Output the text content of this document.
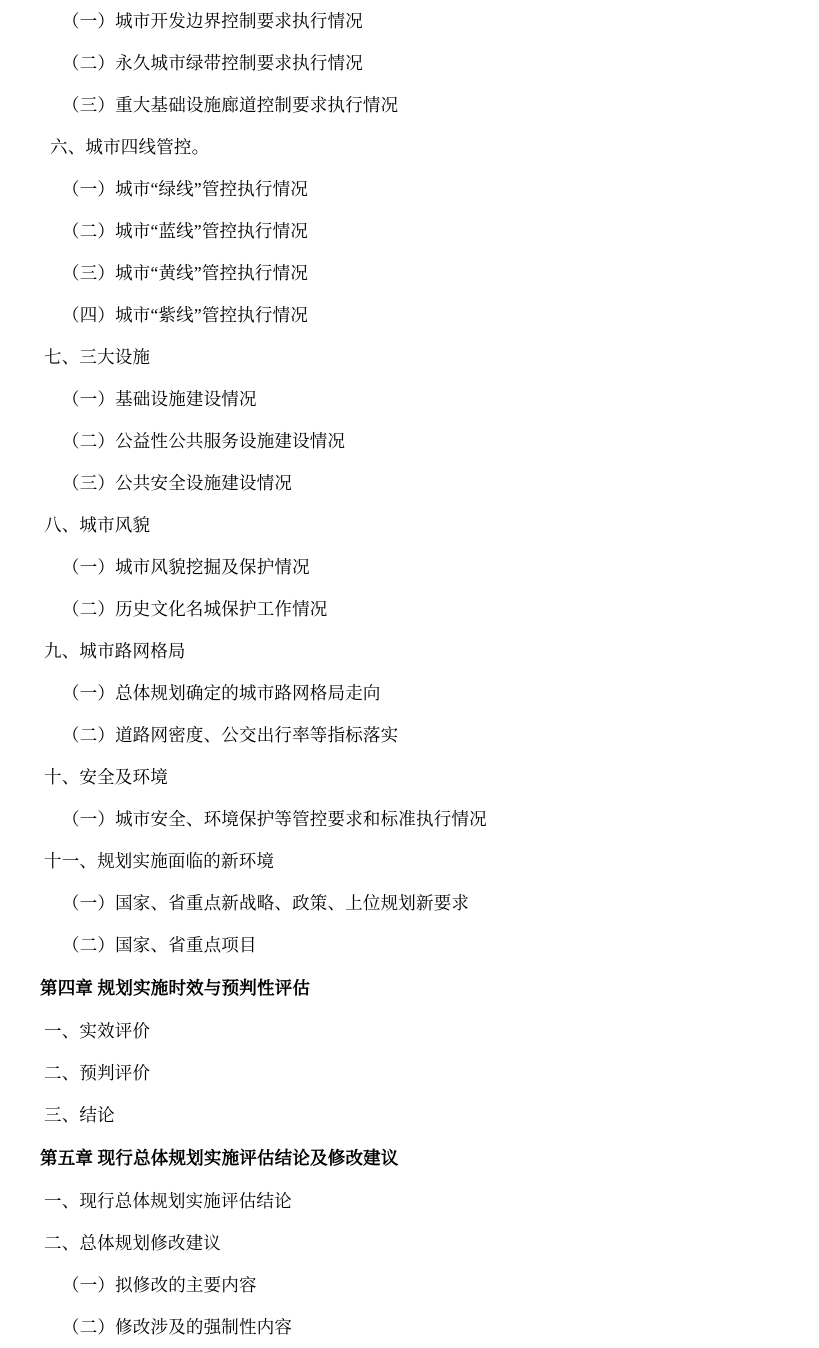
（一）城市开发边界控制要求执行情况
（二）永久城市绿带控制要求执行情况
（三）重大基础设施廊道控制要求执行情况
六、城市四线管控。
（一）城市“绿线”管控执行情况
（二）城市“蓝线”管控执行情况
（三）城市“黄线”管控执行情况
（四）城市“紫线”管控执行情况
七、三大设施
（一）基础设施建设情况
（二）公益性公共服务设施建设情况
（三）公共安全设施建设情况
八、城市风貌
（一）城市风貌挖掘及保护情况
（二）历史文化名城保护工作情况
九、城市路网格局
（一）总体规划确定的城市路网格局走向
（二）道路网密度、公交出行率等指标落实
十、安全及环境
（一）城市安全、环境保护等管控要求和标准执行情况
十一、规划实施面临的新环境
（一）国家、省重点新战略、政策、上位规划新要求
（二）国家、省重点项目
第四章 规划实施时效与预判性评估
一、实效评价
二、预判评价
三、结论
第五章 现行总体规划实施评估结论及修改建议
一、现行总体规划实施评估结论
二、总体规划修改建议
（一）拟修改的主要内容
（二）修改涉及的强制性内容
